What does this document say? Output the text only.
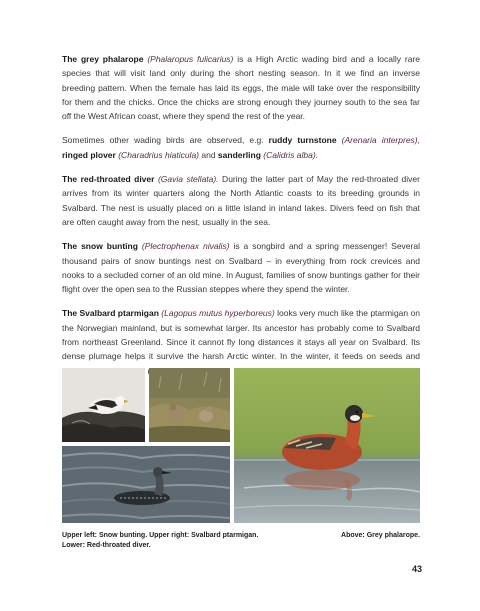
The grey phalarope (Phalaropus fulicarius) is a High Arctic wading bird and a locally rare species that will visit land only during the short nesting season. In it we find an inverse breeding pattern. When the female has laid its eggs, the male will take over the responsibility for them and the chicks. Once the chicks are strong enough they journey south to the sea far off the West African coast, where they spend the rest of the year.

Sometimes other wading birds are observed, e.g. ruddy turnstone (Arenaria interpres), ringed plover (Charadrius hiaticula) and sanderling (Calidris alba).

The red-throated diver (Gavia stellata). During the latter part of May the red-throated diver arrives from its winter quarters along the North Atlantic coasts to its breeding grounds in Svalbard. The nest is usually placed on a little island in inland lakes. Divers feed on fish that are often caught away from the nest, usually in the sea.

The snow bunting (Plectrophenax nivalis) is a songbird and a spring messenger! Several thousand pairs of snow buntings nest on Svalbard – in everything from rock crevices and nooks to a secluded corner of an old mine. In August, families of snow buntings gather for their flight over the open sea to the Russian steppes where they spend the winter.

The Svalbard ptarmigan (Lagopus mutus hyperboreus) looks very much like the ptarmigan on the Norwegian mainland, but is somewhat larger. Its ancestor has probably come to Svalbard from northeast Greenland. Since it cannot fly long distances it stays all year on Svalbard. Its dense plumage helps it survive the harsh Arctic winter. In the winter, it feeds on seeds and

Upper left: Snow bunting. Upper right: Svalbard ptarmigan. Lower: Red-throated diver.
Above: Grey phalarope.
43
